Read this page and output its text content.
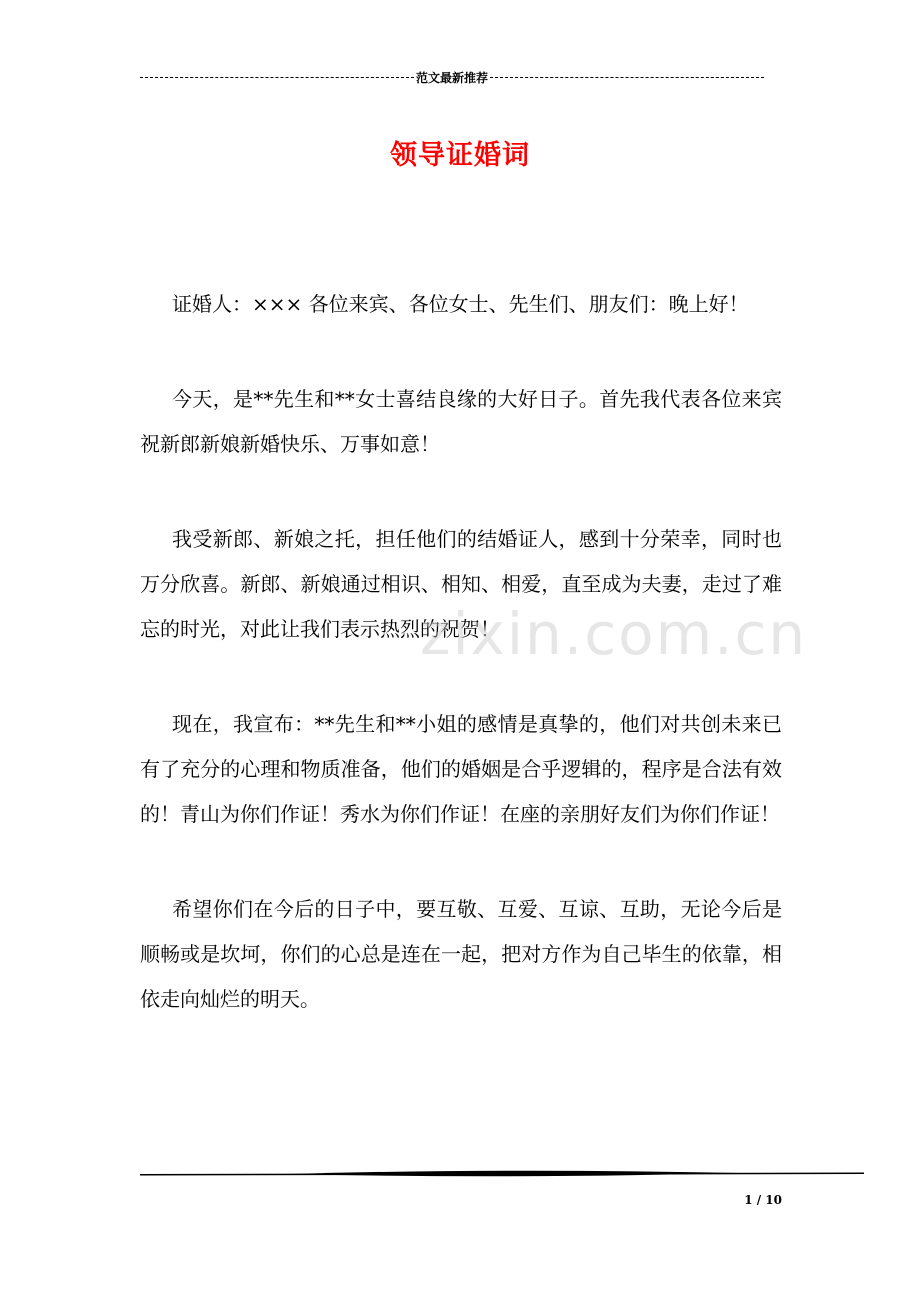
范文最新推荐
领导证婚词

证婚人：××× 各位来宾、各位女士、先生们、朋友们：晚上好！

今天，是**先生和**女士喜结良缘的大好日子。首先我代表各位来宾祝新郎新娘新婚快乐、万事如意！

我受新郎、新娘之托，担任他们的结婚证人，感到十分荣幸，同时也万分欣喜。新郎、新娘通过相识、相知、相爱，直至成为夫妻，走过了难忘的时光，对此让我们表示热烈的祝贺！

现在，我宣布：**先生和**小姐的感情是真挚的，他们对共创未来已有了充分的心理和物质准备，他们的婚姻是合乎逻辑的，程序是合法有效的！青山为你们作证！秀水为你们作证！在座的亲朋好友们为你们作证！

希望你们在今后的日子中，要互敬、互爱、互谅、互助，无论今后是顺畅或是坎坷，你们的心总是连在一起，把对方作为自己毕生的依靠，相依走向灿烂的明天。

zixin.com.cn
1 / 10
